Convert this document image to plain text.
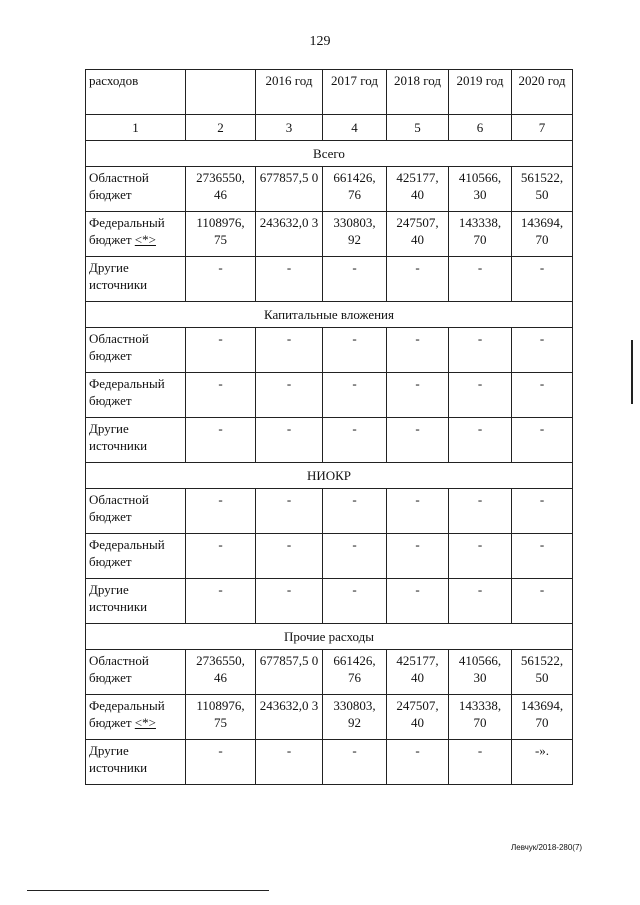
129
расходов		2016 год	2017 год	2018 год	2019 год	2020 год
1	2	3	4	5	6	7
Всего						
Областной бюджет	2736550, 46	677857,5 0	661426, 76	425177, 40	410566, 30	561522, 50
Федеральный бюджет <*>	1108976, 75	243632,0 3	330803, 92	247507, 40	143338, 70	143694, 70
Другие источники	-	-	-	-	-	-
Капитальные вложения						
Областной бюджет	-	-	-	-	-	-
Федеральный бюджет	-	-	-	-	-	-
Другие источники	-	-	-	-	-	-
НИОКР						
Областной бюджет	-	-	-	-	-	-
Федеральный бюджет	-	-	-	-	-	-
Другие источники	-	-	-	-	-	-
Прочие расходы						
Областной бюджет	2736550, 46	677857,5 0	661426, 76	425177, 40	410566, 30	561522, 50
Федеральный бюджет <*>	1108976, 75	243632,0 3	330803, 92	247507, 40	143338, 70	143694, 70
Другие источники	-	-	-	-	-	-».
Левчук/2018-280(7)
